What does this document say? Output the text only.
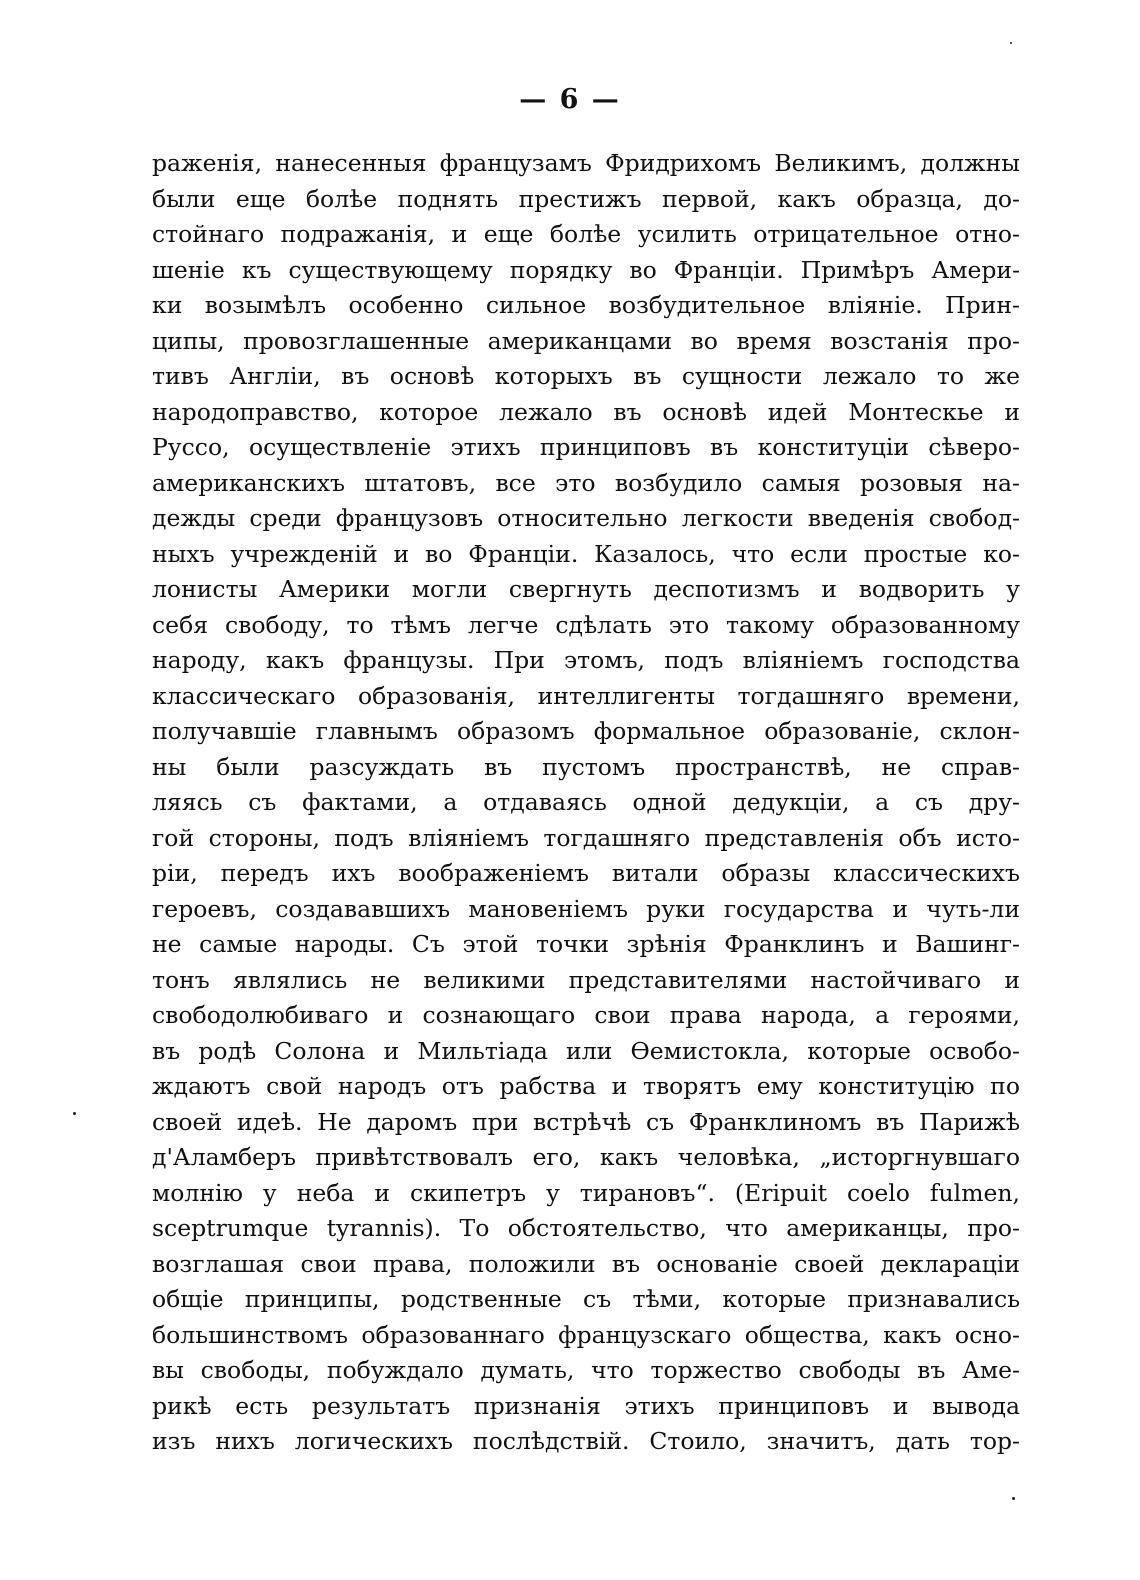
— 6 —
раженія, нанесенныя французамъ Фридрихомъ Великимъ, должны
были еще болѣе поднять престижъ первой, какъ образца, до-
стойнаго подражанія, и еще болѣе усилить отрицательное отно-
шеніе къ существующему порядку во Франціи. Примѣръ Амери-
ки возымѣлъ особенно сильное возбудительное вліяніе. Прин-
ципы, провозглашенные американцами во время возстанія про-
тивъ Англіи, въ основѣ которыхъ въ сущности лежало то же
народоправство, которое лежало въ основѣ идей Монтескье и
Руссо, осуществленіе этихъ принциповъ въ конституціи сѣверо-
американскихъ штатовъ, все это возбудило самыя розовыя на-
дежды среди французовъ относительно легкости введенія свобод-
ныхъ учрежденій и во Франціи. Казалось, что если простые ко-
лонисты Америки могли свергнуть деспотизмъ и водворить у
себя свободу, то тѣмъ легче сдѣлать это такому образованному
народу, какъ французы. При этомъ, подъ вліяніемъ господства
классическаго образованія, интеллигенты тогдашняго времени,
получавшіе главнымъ образомъ формальное образованіе, склон-
ны были разсуждать въ пустомъ пространствѣ, не справ-
ляясь съ фактами, а отдаваясь одной дедукціи, а съ дру-
гой стороны, подъ вліяніемъ тогдашняго представленія объ исто-
ріи, передъ ихъ воображеніемъ витали образы классическихъ
героевъ, создававшихъ мановеніемъ руки государства и чуть-ли
не самые народы. Съ этой точки зрѣнія Франклинъ и Вашинг-
тонъ являлись не великими представителями настойчиваго и
свободолюбиваго и сознающаго свои права народа, а героями,
въ родѣ Солона и Мильтіада или Ѳемистокла, которые освобо-
ждаютъ свой народъ отъ рабства и творятъ ему конституцію по
своей идеѣ. Не даромъ при встрѣчѣ съ Франклиномъ въ Парижѣ
д'Аламберъ привѣтствовалъ его, какъ человѣка, „исторгнувшаго
молнію у неба и скипетръ у тирановъ“. (Eripuit coelo fulmen,
sceptrumque tyrannis). То обстоятельство, что американцы, про-
возглашая свои права, положили въ основаніе своей деклараціи
общіе принципы, родственные съ тѣми, которые признавались
большинствомъ образованнаго французскаго общества, какъ осно-
вы свободы, побуждало думать, что торжество свободы въ Аме-
рикѣ есть результатъ признанія этихъ принциповъ и вывода
изъ нихъ логическихъ послѣдствій. Стоило, значитъ, дать тор-
